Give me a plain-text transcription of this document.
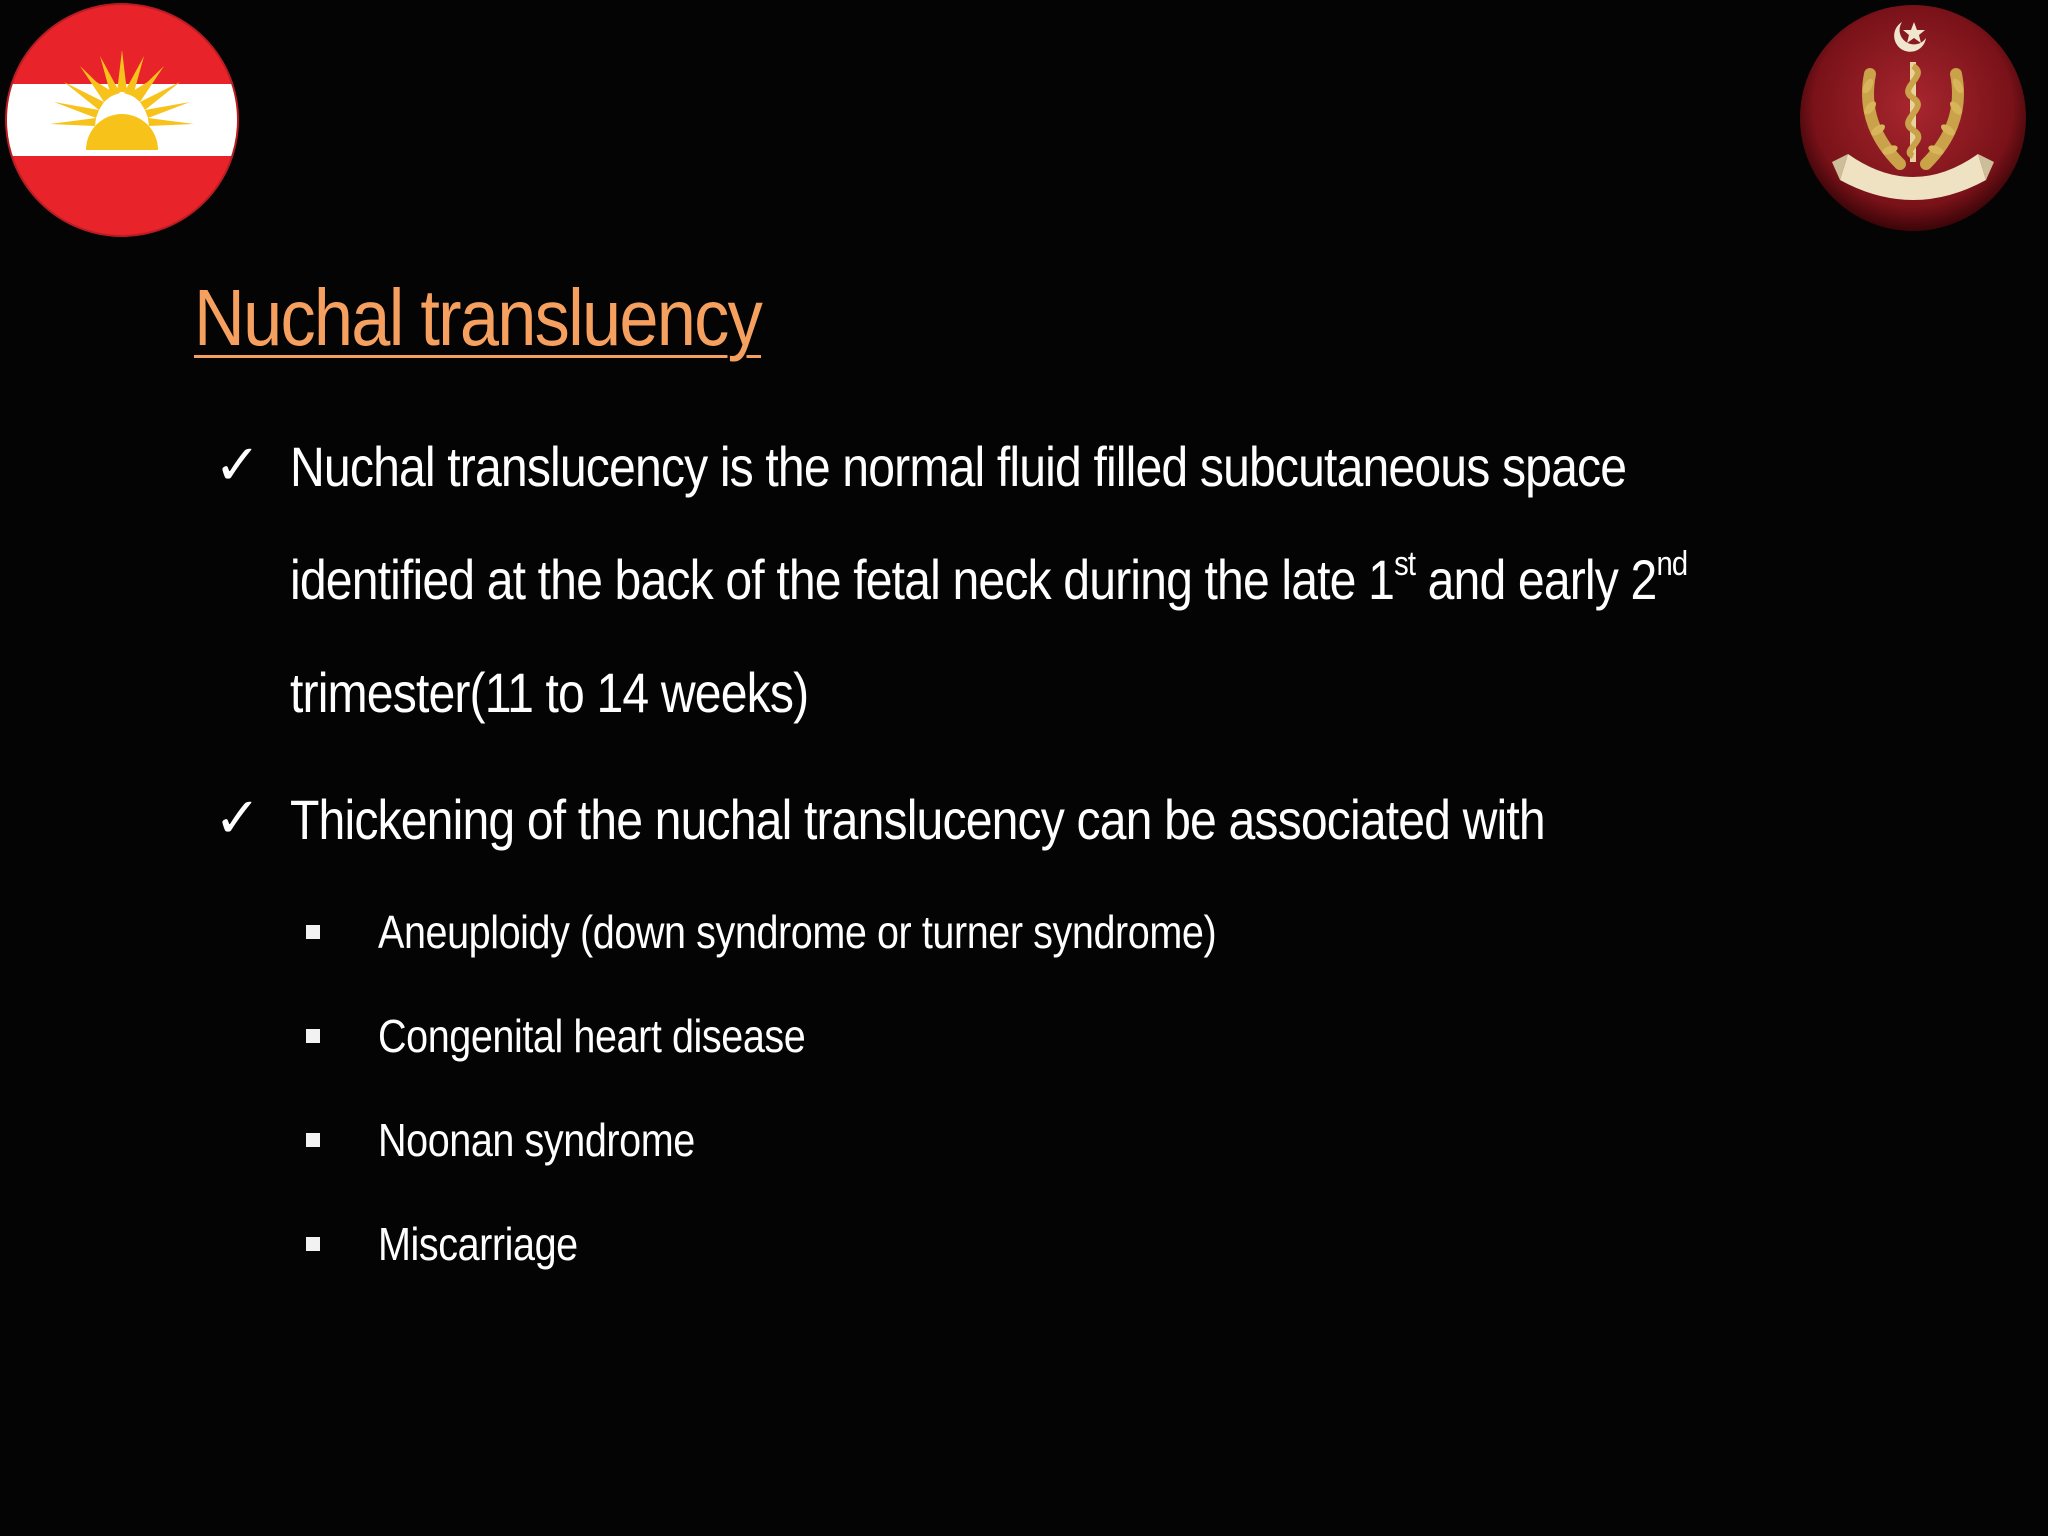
Nuchal transluency
✓ Nuchal translucency is the normal fluid filled subcutaneous space
identified at the back of the fetal neck during the late 1st and early 2nd
trimester(11 to 14 weeks)
✓ Thickening of the nuchal translucency can be associated with
Aneuploidy (down syndrome or turner syndrome)
Congenital heart disease
Noonan syndrome
Miscarriage
